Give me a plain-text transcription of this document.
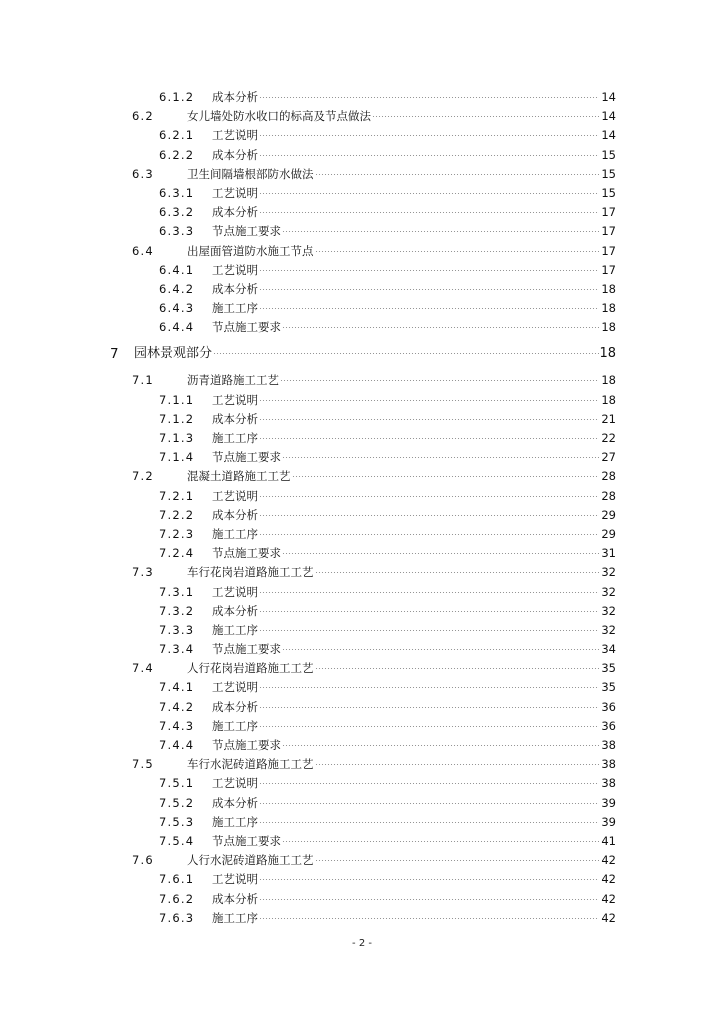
6.1.2 成本分析	14
6.2	女儿墙处防水收口的标高及节点做法	14
6.2.1 工艺说明	14
6.2.2 成本分析	15
6.3	卫生间隔墙根部防水做法	15
6.3.1 工艺说明	15
6.3.2 成本分析	17
6.3.3 节点施工要求	17
6.4	出屋面管道防水施工节点	17
6.4.1 工艺说明	17
6.4.2 成本分析	18
6.4.3 施工工序	18
6.4.4 节点施工要求	18
7 园林景观部分	18
7.1	沥青道路施工工艺	18
7.1.1 工艺说明	18
7.1.2 成本分析	21
7.1.3 施工工序	22
7.1.4 节点施工要求	27
7.2	混凝土道路施工工艺	28
7.2.1 工艺说明	28
7.2.2 成本分析	29
7.2.3 施工工序	29
7.2.4 节点施工要求	31
7.3	车行花岗岩道路施工工艺	32
7.3.1 工艺说明	32
7.3.2 成本分析	32
7.3.3 施工工序	32
7.3.4 节点施工要求	34
7.4	人行花岗岩道路施工工艺	35
7.4.1 工艺说明	35
7.4.2 成本分析	36
7.4.3 施工工序	36
7.4.4 节点施工要求	38
7.5	车行水泥砖道路施工工艺	38
7.5.1 工艺说明	38
7.5.2 成本分析	39
7.5.3 施工工序	39
7.5.4 节点施工要求	41
7.6	人行水泥砖道路施工工艺	42
7.6.1 工艺说明	42
7.6.2 成本分析	42
7.6.3 施工工序	42
- 2 -
